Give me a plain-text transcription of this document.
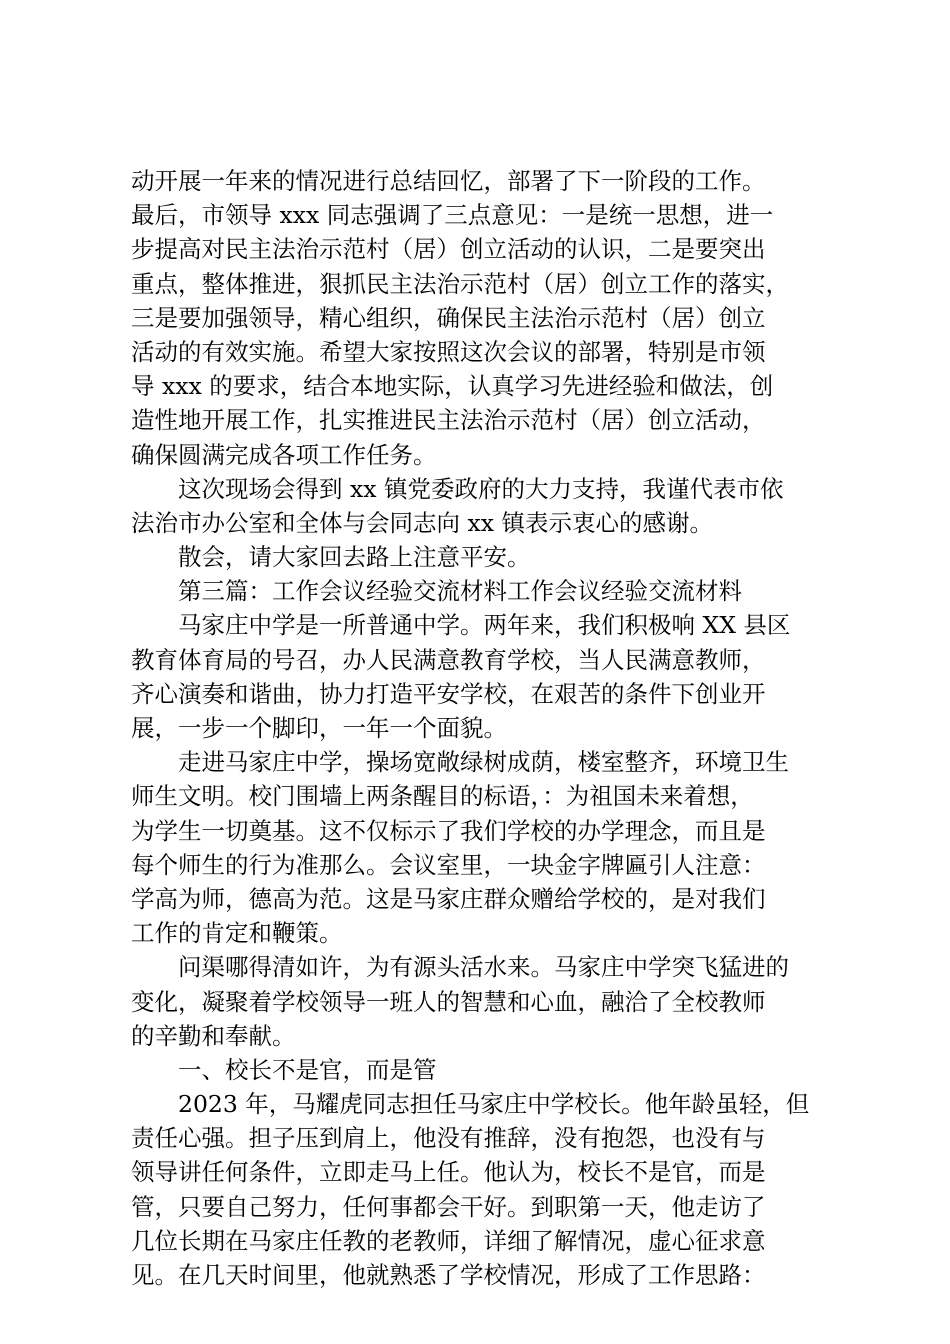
动开展一年来的情况进行总结回忆，部署了下一阶段的工作。
最后，市领导 xxx 同志强调了三点意见：一是统一思想，进一
步提高对民主法治示范村（居）创立活动的认识，二是要突出
重点，整体推进，狠抓民主法治示范村（居）创立工作的落实，
三是要加强领导，精心组织，确保民主法治示范村（居）创立
活动的有效实施。希望大家按照这次会议的部署，特别是市领
导 xxx 的要求，结合本地实际，认真学习先进经验和做法，创
造性地开展工作，扎实推进民主法治示范村（居）创立活动，
确保圆满完成各项工作任务。
这次现场会得到 xx 镇党委政府的大力支持，我谨代表市依
法治市办公室和全体与会同志向 xx 镇表示衷心的感谢。
散会，请大家回去路上注意平安。
第三篇：工作会议经验交流材料工作会议经验交流材料
马家庄中学是一所普通中学。两年来，我们积极响 XX 县区
教育体育局的号召，办人民满意教育学校，当人民满意教师，
齐心演奏和谐曲，协力打造平安学校，在艰苦的条件下创业开
展，一步一个脚印，一年一个面貌。
走进马家庄中学，操场宽敞绿树成荫，楼室整齐，环境卫生
师生文明。校门围墙上两条醒目的标语，：为祖国未来着想，
为学生一切奠基。这不仅标示了我们学校的办学理念，而且是
每个师生的行为准那么。会议室里，一块金字牌匾引人注意：
学高为师，德高为范。这是马家庄群众赠给学校的，是对我们
工作的肯定和鞭策。
问渠哪得清如许，为有源头活水来。马家庄中学突飞猛进的
变化，凝聚着学校领导一班人的智慧和心血，融洽了全校教师
的辛勤和奉献。
一、校长不是官，而是管
2023 年，马耀虎同志担任马家庄中学校长。他年龄虽轻，但
责任心强。担子压到肩上，他没有推辞，没有抱怨，也没有与
领导讲任何条件，立即走马上任。他认为，校长不是官，而是
管，只要自己努力，任何事都会干好。到职第一天，他走访了
几位长期在马家庄任教的老教师，详细了解情况，虚心征求意
见。在几天时间里，他就熟悉了学校情况，形成了工作思路：
